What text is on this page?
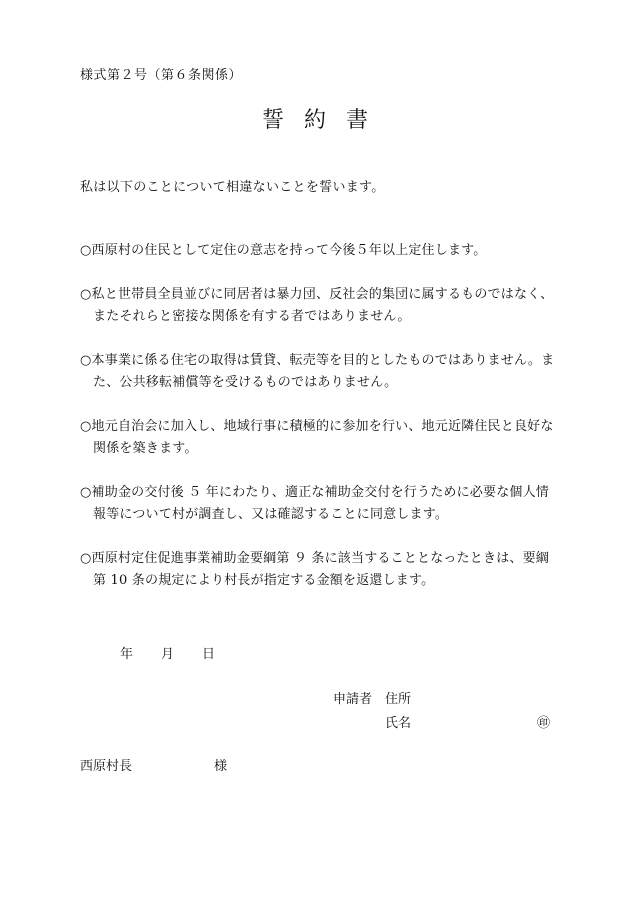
様式第２号（第６条関係）
誓約書
私は以下のことについて相違ないことを誓います。
○西原村の住民として定住の意志を持って今後５年以上定住します。
○私と世帯員全員並びに同居者は暴力団、反社会的集団に属するものではなく、またそれらと密接な関係を有する者ではありません。
○本事業に係る住宅の取得は賃貸、転売等を目的としたものではありません。また、公共移転補償等を受けるものではありません。
○地元自治会に加入し、地域行事に積極的に参加を行い、地元近隣住民と良好な関係を築きます。
○補助金の交付後 ５ 年にわたり、適正な補助金交付を行うために必要な個人情報等について村が調査し、又は確認することに同意します。
○西原村定住促進事業補助金要綱第 ９ 条に該当することとなったときは、要綱第 10 条の規定により村長が指定する金額を返還します。
年 月 日
申請者 住所
氏名	㊞
西原村長	様
